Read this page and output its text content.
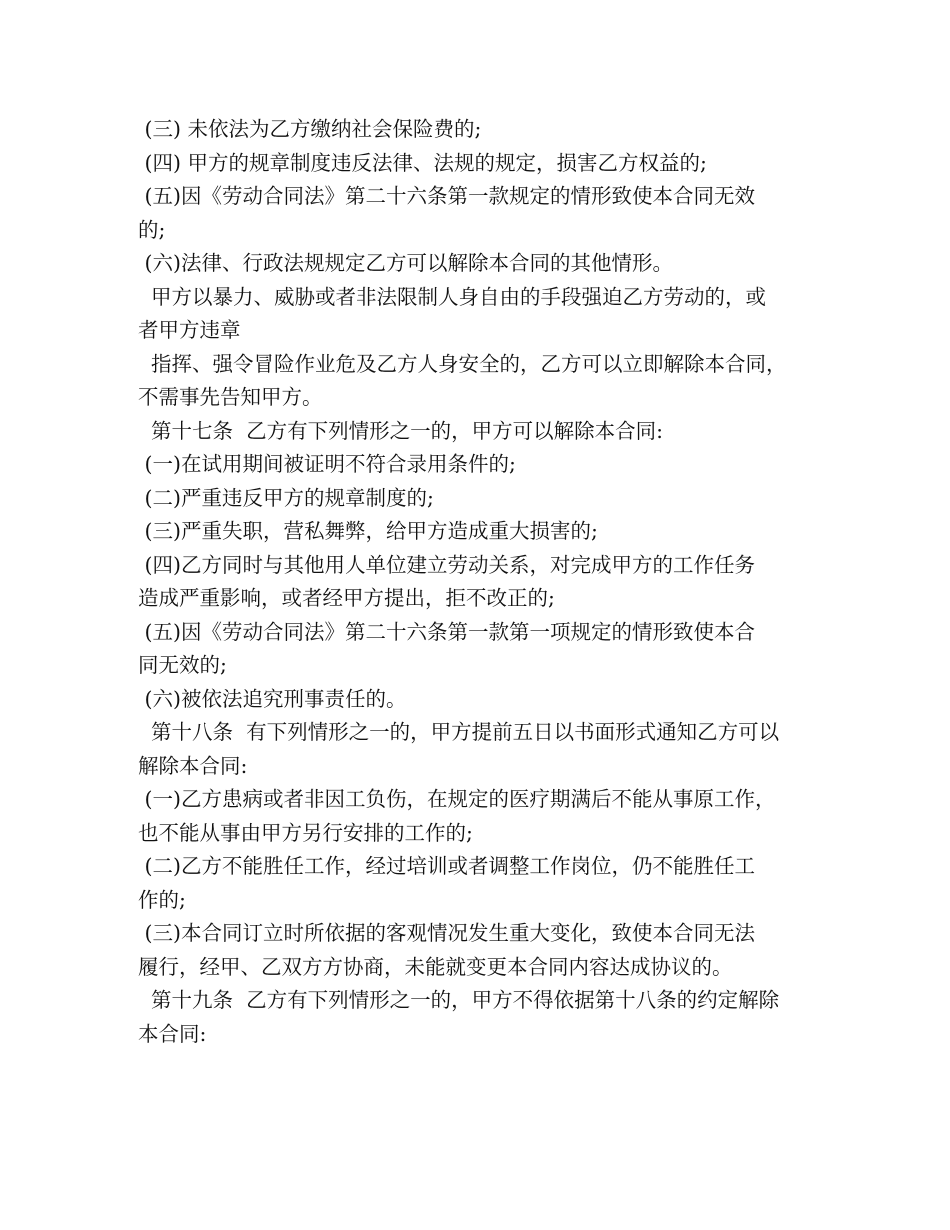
(三) 未依法为乙方缴纳社会保险费的;
(四) 甲方的规章制度违反法律、法规的规定，损害乙方权益的;
(五)因《劳动合同法》第二十六条第一款规定的情形致使本合同无效
的;
(六)法律、行政法规规定乙方可以解除本合同的其他情形。
甲方以暴力、威胁或者非法限制人身自由的手段强迫乙方劳动的，或
者甲方违章
指挥、强令冒险作业危及乙方人身安全的，乙方可以立即解除本合同，
不需事先告知甲方。
第十七条  乙方有下列情形之一的，甲方可以解除本合同:
(一)在试用期间被证明不符合录用条件的;
(二)严重违反甲方的规章制度的;
(三)严重失职，营私舞弊，给甲方造成重大损害的;
(四)乙方同时与其他用人单位建立劳动关系，对完成甲方的工作任务
造成严重影响，或者经甲方提出，拒不改正的;
(五)因《劳动合同法》第二十六条第一款第一项规定的情形致使本合
同无效的;
(六)被依法追究刑事责任的。
第十八条  有下列情形之一的，甲方提前五日以书面形式通知乙方可以
解除本合同:
(一)乙方患病或者非因工负伤，在规定的医疗期满后不能从事原工作，
也不能从事由甲方另行安排的工作的;
(二)乙方不能胜任工作，经过培训或者调整工作岗位，仍不能胜任工
作的;
(三)本合同订立时所依据的客观情况发生重大变化，致使本合同无法
履行，经甲、乙双方方协商，未能就变更本合同内容达成协议的。
第十九条  乙方有下列情形之一的，甲方不得依据第十八条的约定解除
本合同:
